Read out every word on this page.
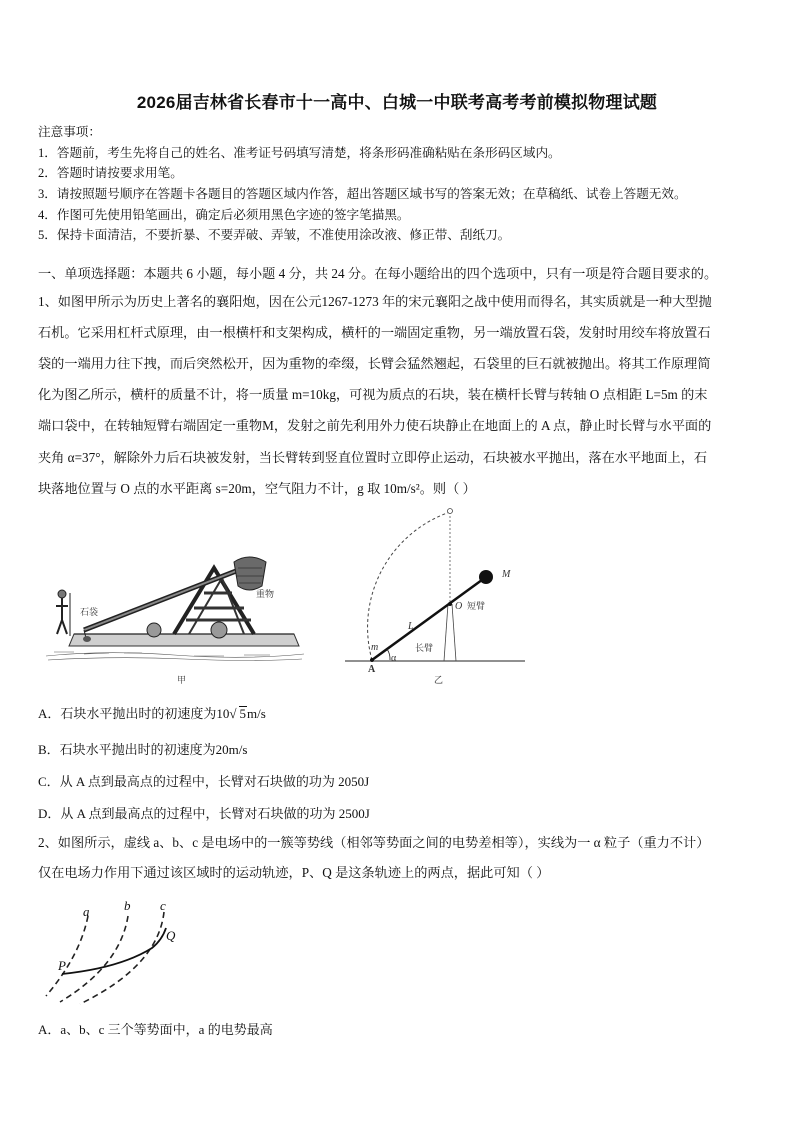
2026届吉林省长春市十一高中、白城一中联考高考考前模拟物理试题
注意事项：
1．答题前，考生先将自己的姓名、准考证号码填写清楚，将条形码准确粘贴在条形码区域内。
2．答题时请按要求用笔。
3．请按照题号顺序在答题卡各题目的答题区域内作答，超出答题区域书写的答案无效；在草稿纸、试卷上答题无效。
4．作图可先使用铅笔画出，确定后必须用黑色字迹的签字笔描黑。
5．保持卡面清洁，不要折暴、不要弄破、弄皱，不准使用涂改液、修正带、刮纸刀。
一、单项选择题：本题共 6 小题，每小题 4 分，共 24 分。在每小题给出的四个选项中，只有一项是符合题目要求的。
1、如图甲所示为历史上著名的襄阳炮，因在公元1267-1273 年的宋元襄阳之战中使用而得名，其实质就是一种大型抛
石机。它采用杠杆式原理，由一根横杆和支架构成，横杆的一端固定重物，另一端放置石袋，发射时用绞车将放置石
袋的一端用力往下拽，而后突然松开，因为重物的牵缀，长臂会猛然翘起，石袋里的巨石就被抛出。将其工作原理简
化为图乙所示，横杆的质量不计，将一质量 m=10kg，可视为质点的石块，装在横杆长臂与转轴 O 点相距 L=5m 的末
端口袋中，在转轴短臂右端固定一重物M，发射之前先利用外力使石块静止在地面上的 A 点，静止时长臂与水平面的
夹角 α=37°，解除外力后石块被发射，当长臂转到竖直位置时立即停止运动，石块被水平抛出，落在水平地面上，石
块落地位置与 O 点的水平距离 s=20m，空气阻力不计，g 取 10m/s²。则（ ）
石袋
重物
甲
M
O 短臂
L
长臂
m
α
A
乙
A．石块水平抛出时的初速度为10√ 5m/s
B．石块水平抛出时的初速度为20m/s
C．从 A 点到最高点的过程中，长臂对石块做的功为 2050J
D．从 A 点到最高点的过程中，长臂对石块做的功为 2500J
2、如图所示，虚线 a、b、c 是电场中的一簇等势线（相邻等势面之间的电势差相等），实线为一 α 粒子（重力不计）
仅在电场力作用下通过该区域时的运动轨迹，P、Q 是这条轨迹上的两点，据此可知（ ）
a	b c
P
Q
A．a、b、c 三个等势面中，a 的电势最高
